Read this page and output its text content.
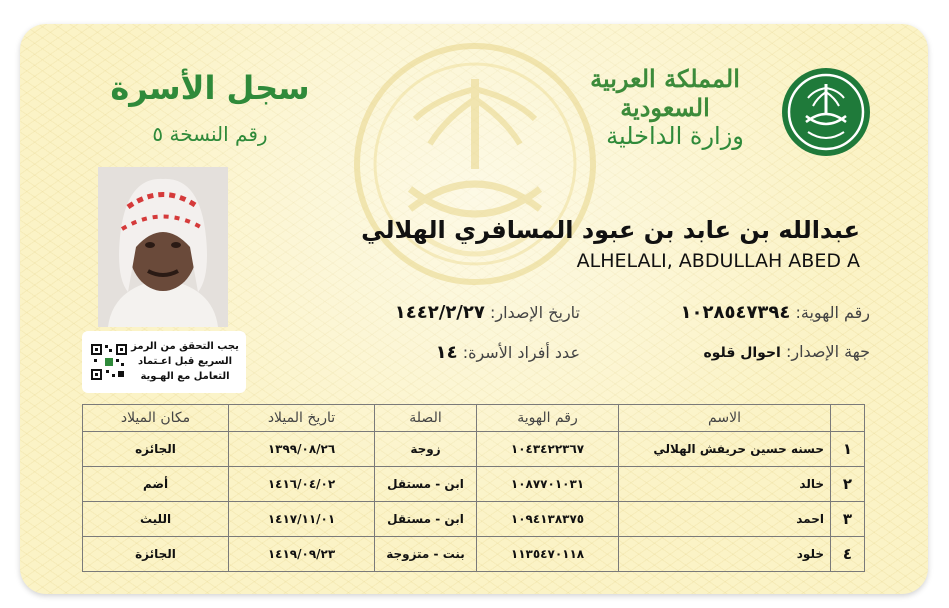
سجل الأسرة
رقم النسخة ٥
المملكة العربية السعودية
وزارة الداخلية
عبدالله بن عابد بن عبود المسافري الهلالي
ALHELALI, ABDULLAH ABED A
رقم الهوية: ١٠٢٨٥٤٧٣٩٤
تاريخ الإصدار: ١٤٤٢/٢/٢٧
جهة الإصدار: احوال قلوه
عدد أفراد الأسرة: ١٤
يجب التحقق من الرمز
السريع قبل اعـتماد
التعامل مع الهـوية
	الاسم	رقم الهوية	الصلة	تاريخ الميلاد	مكان الميلاد
١	حسنه حسين حريفش الهلالي	١٠٤٣٤٢٢٣٦٧	زوجة	١٣٩٩/٠٨/٢٦	الجائزه
٢	خالد	١٠٨٧٧٠١٠٣١	ابن - مستقل	١٤١٦/٠٤/٠٢	أضم
٣	احمد	١٠٩٤١٣٨٣٧٥	ابن - مستقل	١٤١٧/١١/٠١	الليث
٤	خلود	١١٣٥٤٧٠١١٨	بنت - متزوجة	١٤١٩/٠٩/٢٣	الجائزة
